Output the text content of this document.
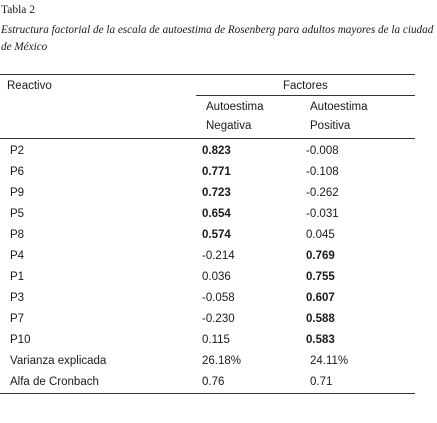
Tabla 2
Estructura factorial de la escala de autoestima de Rosenberg para adultos mayores de la ciudad de México
Reactivo	Factores
Autoestima
Negativa
Autoestima
Positiva
P2	0.823	-0.008
P6	0.771	-0.108
P9	0.723	-0.262
P5	0.654	-0.031
P8	0.574	0.045
P4	-0.214	0.769
P1	0.036	0.755
P3	-0.058	0.607
P7	-0.230	0.588
P10	0.115	0.583
Varianza explicada	26.18%	24.11%
Alfa de Cronbach	0.76	0.71
